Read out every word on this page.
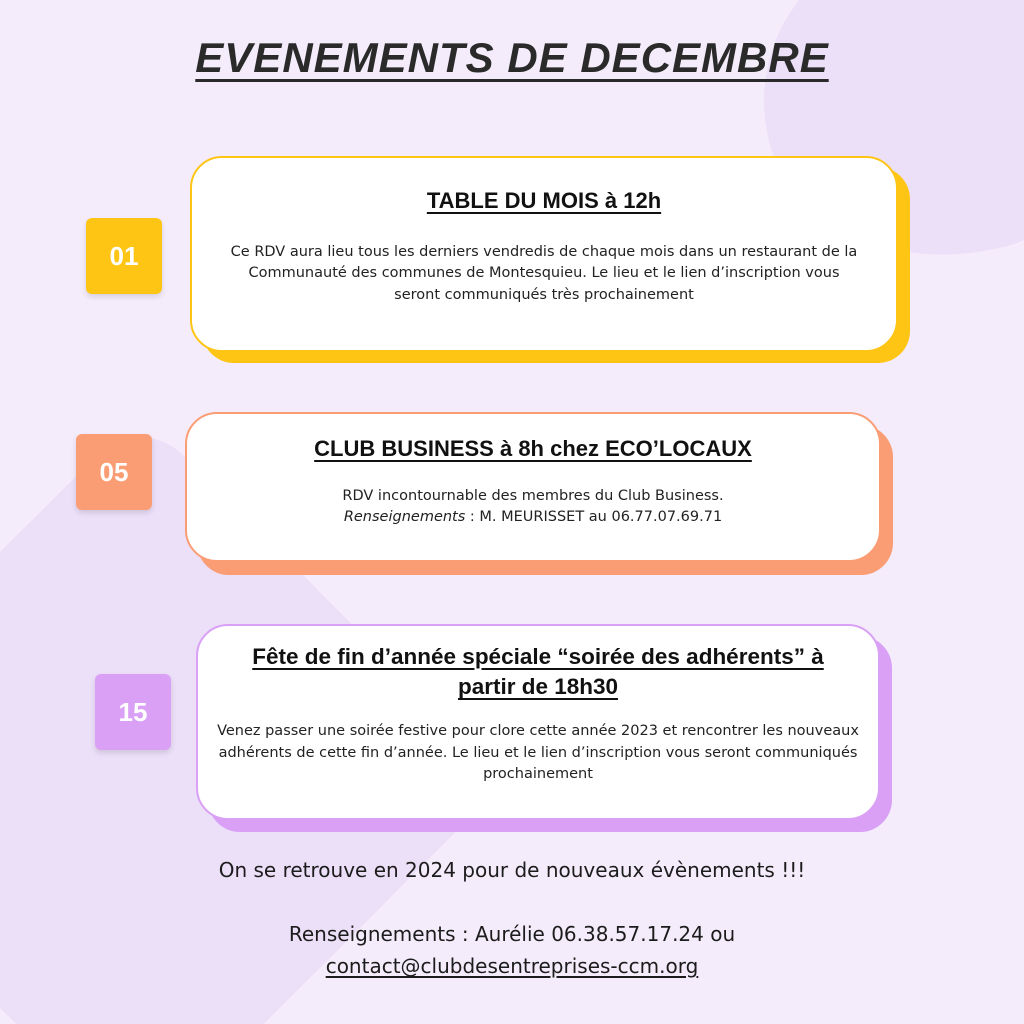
EVENEMENTS DE DECEMBRE
01
TABLE DU MOIS à 12h
Ce RDV aura lieu tous les derniers vendredis de chaque mois dans un restaurant de la Communauté des communes de Montesquieu. Le lieu et le lien d’inscription vous seront communiqués très prochainement
05
CLUB BUSINESS à 8h chez ECO’LOCAUX
RDV incontournable des membres du Club Business.
Renseignements : M. MEURISSET au 06.77.07.69.71
15
Fête de fin d’année spéciale “soirée des adhérents” à partir de 18h30
Venez passer une soirée festive pour clore cette année 2023 et rencontrer les nouveaux adhérents de cette fin d’année. Le lieu et le lien d’inscription vous seront communiqués prochainement
On se retrouve en 2024 pour de nouveaux évènements !!!
Renseignements : Aurélie 06.38.57.17.24 ou
contact@clubdesentreprises-ccm.org
